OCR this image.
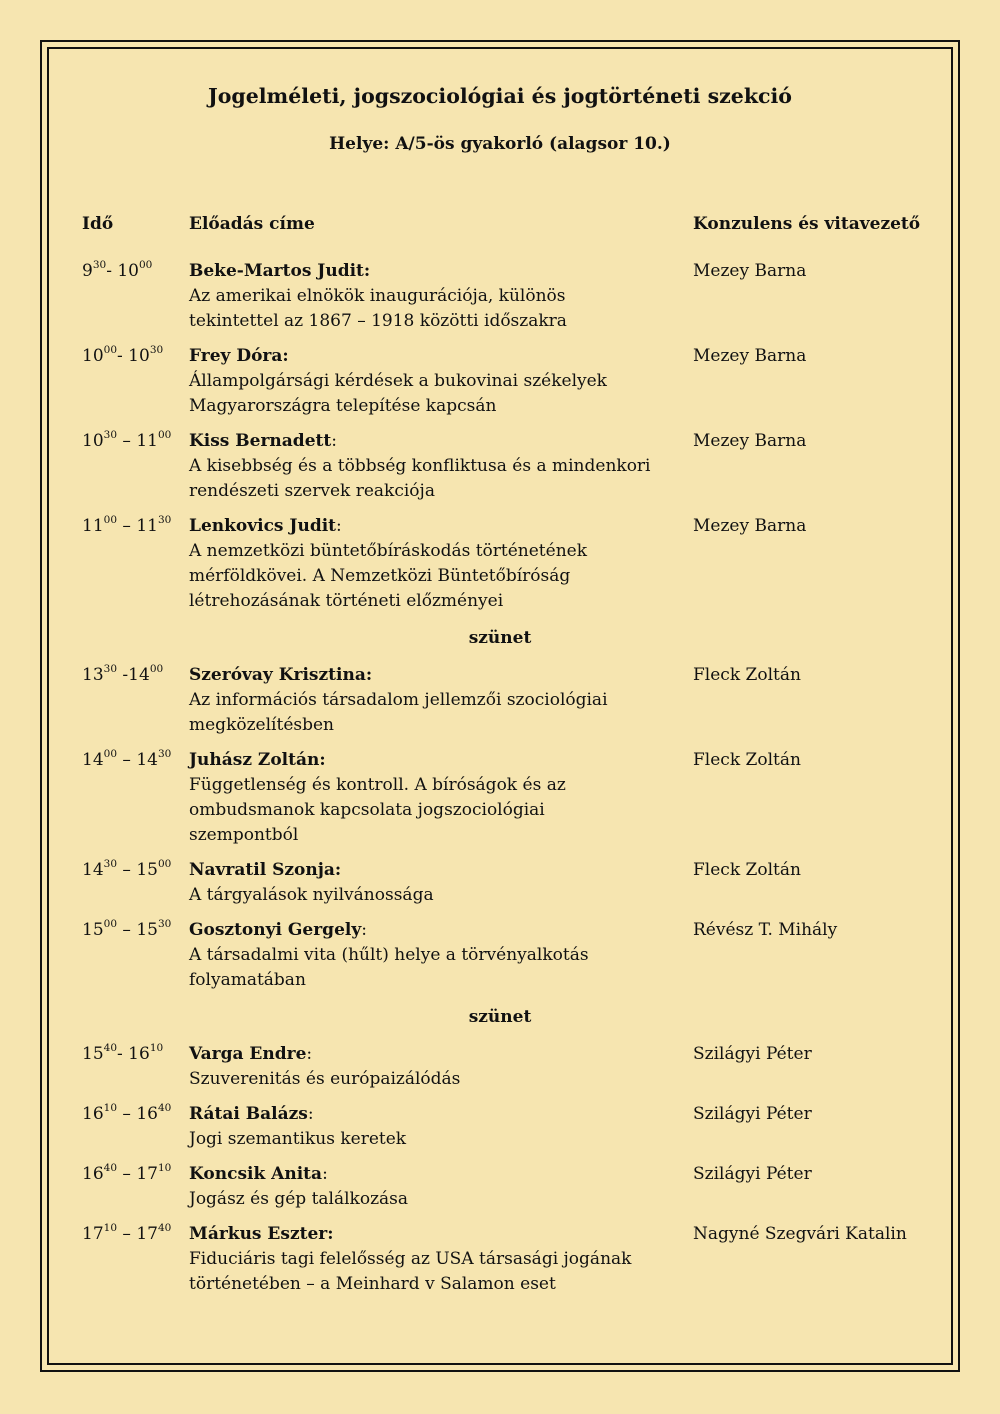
Jogelméleti, jogszociológiai és jogtörténeti szekció
Helye: A/5-ös gyakorló (alagsor 10.)
Idő	Előadás címe	Konzulens és vitavezető
$9^{30}-$ $10^{00}$ Beke-Martos Judit:
Az amerikai elnökök inaugurációja, különös
tekintettel az 1867 – 1918 közötti időszakra
Mezey Barna
$10^{00}-$ $10^{30}$ Frey Dóra:
Állampolgársági kérdések a bukovinai székelyek
Magyarországra telepítése kapcsán
Mezey Barna
$10^{30} - 11^{00}$ Kiss Bernadett:
A kisebbség és a többség konfliktusa és a mindenkori
rendészeti szervek reakciója
Mezey Barna
$11^{00} - 11^{30}$ Lenkovics Judit:
A nemzetközi büntetőbíráskodás történetének
mérföldkövei. A Nemzetközi Büntetőbíróság
létrehozásának történeti előzményei
Mezey Barna
szünet
$13^{30}$ $-14^{00}$ Szeróvay Krisztina:
Az információs társadalom jellemzői szociológiai
megközelítésben
Fleck Zoltán
$14^{00} - 14^{30}$ Juhász Zoltán:
Függetlenség és kontroll. A bíróságok és az
ombudsmanok kapcsolata jogszociológiai
szempontból
Fleck Zoltán
$14^{30} - 15^{00}$ Navratil Szonja:
A tárgyalások nyilvánossága
Fleck Zoltán
$15^{00} - 15^{30}$ Gosztonyi Gergely:
A társadalmi vita (hűlt) helye a törvényalkotás
folyamatában
Révész T. Mihály
szünet
$15^{40}-$ $16^{10}$ Varga Endre:
Szuverenitás és európaizálódás
Szilágyi Péter
$16^{10} - 16^{40}$ Rátai Balázs:
Jogi szemantikus keretek
Szilágyi Péter
$16^{40} - 17^{10}$ Koncsik Anita:
Jogász és gép találkozása
Szilágyi Péter
$17^{10} - 17^{40}$ Márkus Eszter:
Fiduciáris tagi felelősség az USA társasági jogának
történetében – a Meinhard v Salamon eset
Nagyné Szegvári Katalin
